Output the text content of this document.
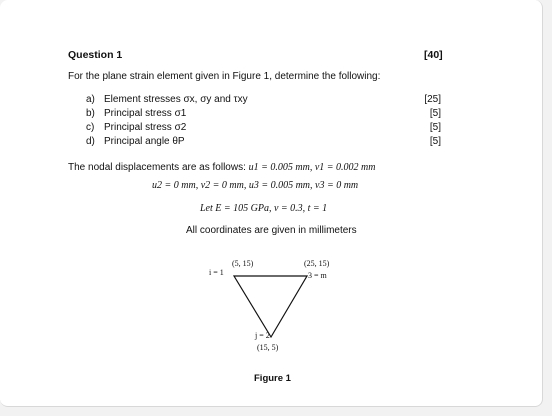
Question 1	[40]
For the plane strain element given in Figure 1, determine the following:
a) Element stresses σx, σy and τxy	[25]
b) Principal stress σ1	[5]
c) Principal stress σ2	[5]
d) Principal angle θP	[5]
The nodal displacements are as follows: u1 = 0.005 mm, v1 = 0.002 mm
u2 = 0 mm, v2 = 0 mm, u3 = 0.005 mm, v3 = 0 mm
Let E = 105 GPa, v = 0.3, t = 1
All coordinates are given in millimeters
(5, 15)
i = 1
(25, 15)
3 = m
j = 2
(15, 5)
Figure 1
